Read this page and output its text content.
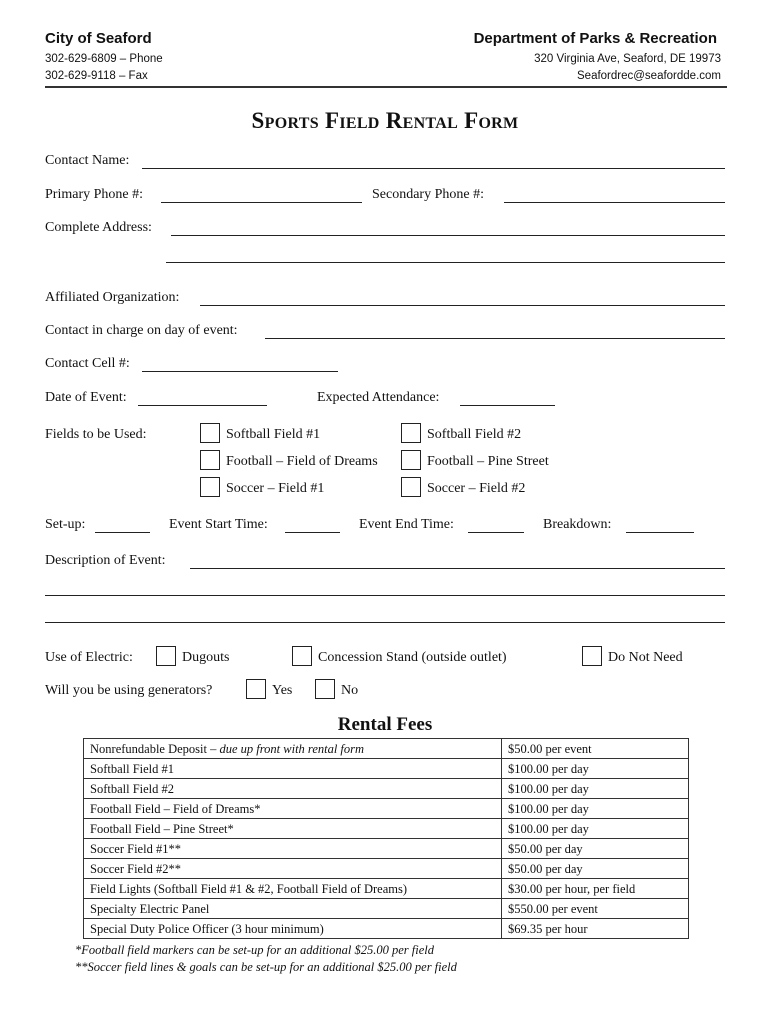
City of Seaford
302-629-6809 – Phone
302-629-9118 – Fax
Department of Parks & Recreation
320 Virginia Ave, Seaford, DE 19973
Seafordrec@seafordde.com
Sports Field Rental Form
Contact Name:
Primary Phone #:	Secondary Phone #:
Complete Address:
Affiliated Organization:
Contact in charge on day of event:
Contact Cell #:
Date of Event:	Expected Attendance:
Fields to be Used:	Softball Field #1	Softball Field #2
Football – Field of Dreams	Football – Pine Street
Soccer – Field #1	Soccer – Field #2
Set-up:	Event Start Time:	Event End Time:	Breakdown:
Description of Event:
Use of Electric:	Dugouts	Concession Stand (outside outlet)	Do Not Need
Will you be using generators?	Yes	No
Rental Fees
Nonrefundable Deposit – due up front with rental form	$50.00 per event
Softball Field #1	$100.00 per day
Softball Field #2	$100.00 per day
Football Field – Field of Dreams*	$100.00 per day
Football Field – Pine Street*	$100.00 per day
Soccer Field #1**	$50.00 per day
Soccer Field #2**	$50.00 per day
Field Lights (Softball Field #1 & #2, Football Field of Dreams)	$30.00 per hour, per field
Specialty Electric Panel	$550.00 per event
Special Duty Police Officer (3 hour minimum)	$69.35 per hour
*Football field markers can be set-up for an additional $25.00 per field
**Soccer field lines & goals can be set-up for an additional $25.00 per field
